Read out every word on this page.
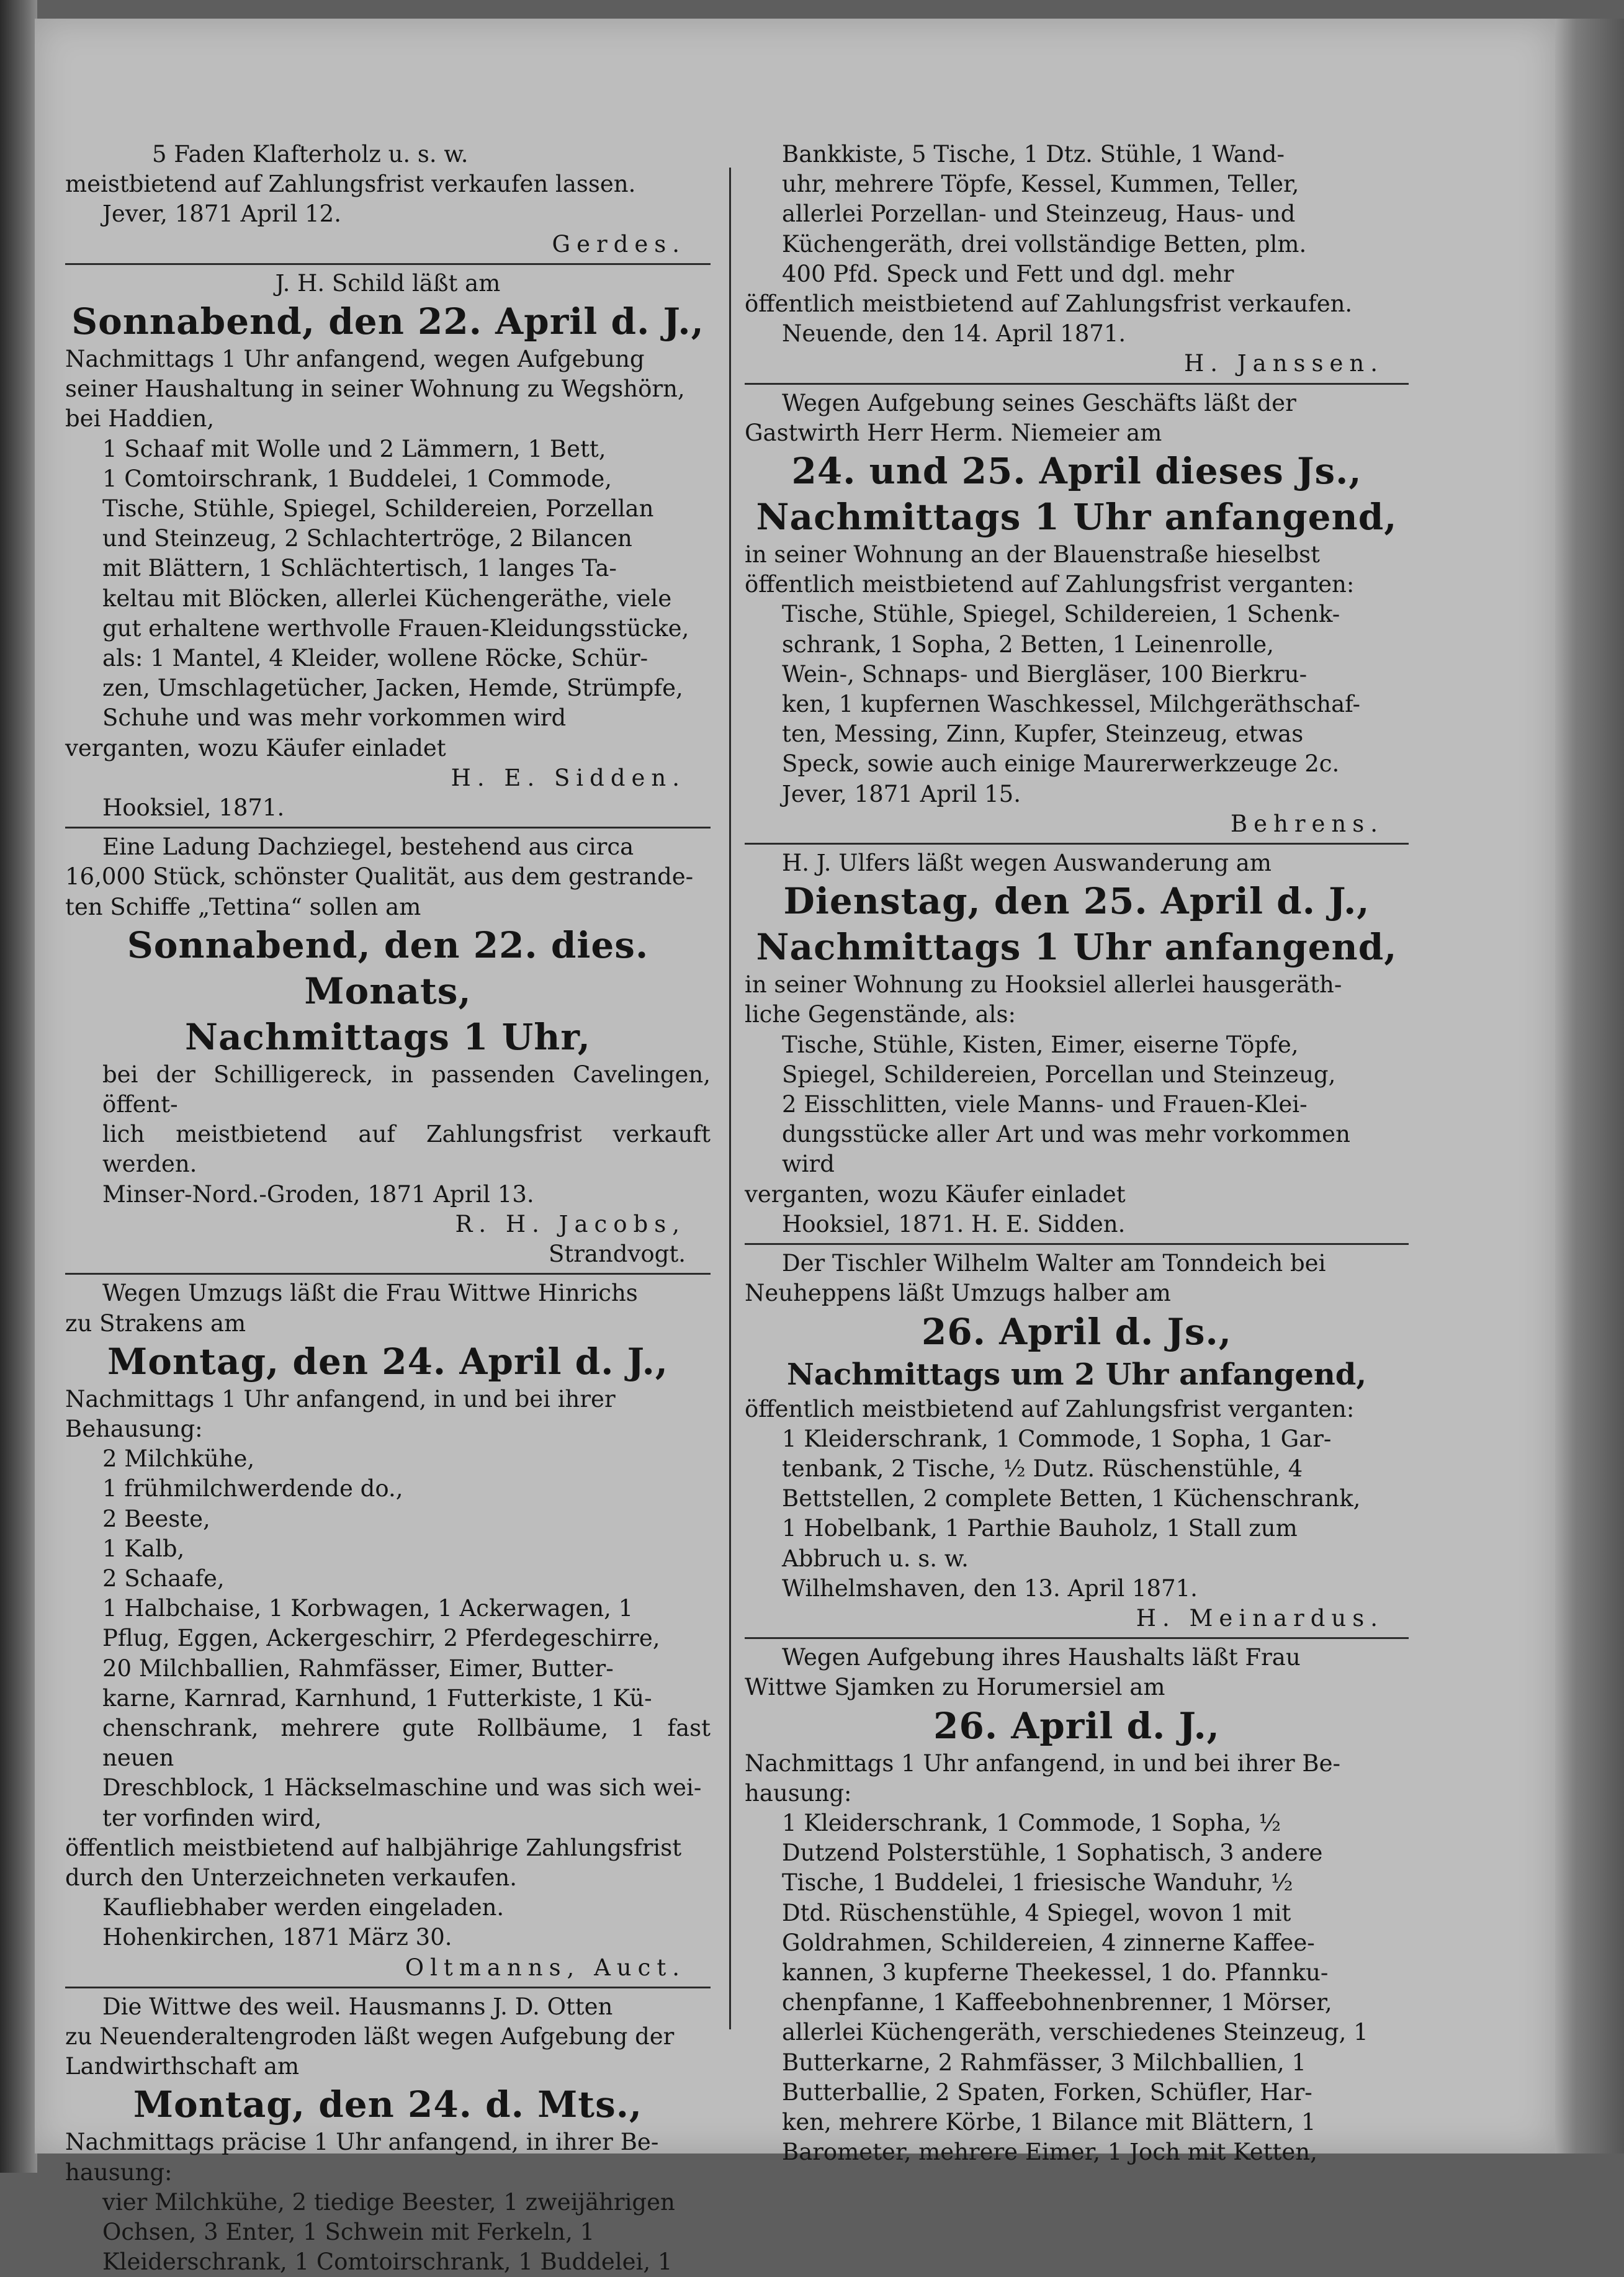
5 Faden Klafterholz u. s. w.

meistbietend auf Zahlungsfrist verkaufen lassen.

Jever, 1871 April 12.

Gerdes.

J. H. Schild läßt am

Sonnabend, den 22. April d. J.,

Nachmittags 1 Uhr anfangend, wegen Aufgebung

seiner Haushaltung in seiner Wohnung zu Wegshörn,

bei Haddien,

1 Schaaf mit Wolle und 2 Lämmern, 1 Bett,

1 Comtoirschrank, 1 Buddelei, 1 Commode,

Tische, Stühle, Spiegel, Schildereien, Porzellan

und Steinzeug, 2 Schlachtertröge, 2 Bilancen

mit Blättern, 1 Schlächtertisch, 1 langes Ta-

keltau mit Blöcken, allerlei Küchengeräthe, viele

gut erhaltene werthvolle Frauen-Kleidungsstücke,

als: 1 Mantel, 4 Kleider, wollene Röcke, Schür-

zen, Umschlagetücher, Jacken, Hemde, Strümpfe,

Schuhe und was mehr vorkommen wird

verganten, wozu Käufer einladet

H. E. Sidden.

Hooksiel, 1871.

Eine Ladung Dachziegel, bestehend aus circa

16,000 Stück, schönster Qualität, aus dem gestrande-

ten Schiffe „Tettina“ sollen am

Sonnabend, den 22. dies. Monats,

Nachmittags 1 Uhr,

bei der Schilligereck, in passenden Cavelingen, öffent-

lich meistbietend auf Zahlungsfrist verkauft werden.

Minser-Nord.-Groden, 1871 April 13.

R. H. Jacobs,

Strandvogt.

Wegen Umzugs läßt die Frau Wittwe Hinrichs

zu Strakens am

Montag, den 24. April d. J.,

Nachmittags 1 Uhr anfangend, in und bei ihrer

Behausung:

2 Milchkühe,

1 frühmilchwerdende do.,

2 Beeste,

1 Kalb,

2 Schaafe,

1 Halbchaise, 1 Korbwagen, 1 Ackerwagen, 1

Pflug, Eggen, Ackergeschirr, 2 Pferdegeschirre,

20 Milchballien, Rahmfässer, Eimer, Butter-

karne, Karnrad, Karnhund, 1 Futterkiste, 1 Kü-

chenschrank, mehrere gute Rollbäume, 1 fast neuen

Dreschblock, 1 Häckselmaschine und was sich wei-

ter vorfinden wird,

öffentlich meistbietend auf halbjährige Zahlungsfrist

durch den Unterzeichneten verkaufen.

Kaufliebhaber werden eingeladen.

Hohenkirchen, 1871 März 30.

Oltmanns, Auct.

Die Wittwe des weil. Hausmanns J. D. Otten

zu Neuenderaltengroden läßt wegen Aufgebung der

Landwirthschaft am

Montag, den 24. d. Mts.,

Nachmittags präcise 1 Uhr anfangend, in ihrer Be-

hausung:

vier Milchkühe, 2 tiedige Beester, 1 zweijährigen

Ochsen, 3 Enter, 1 Schwein mit Ferkeln, 1

Kleiderschrank, 1 Comtoirschrank, 1 Buddelei, 1

Bankkiste, 5 Tische, 1 Dtz. Stühle, 1 Wand-

uhr, mehrere Töpfe, Kessel, Kummen, Teller,

allerlei Porzellan- und Steinzeug, Haus- und

Küchengeräth, drei vollständige Betten, plm.

400 Pfd. Speck und Fett und dgl. mehr

öffentlich meistbietend auf Zahlungsfrist verkaufen.

Neuende, den 14. April 1871.

H. Janssen.

Wegen Aufgebung seines Geschäfts läßt der

Gastwirth Herr Herm. Niemeier am

24. und 25. April dieses Js.,

Nachmittags 1 Uhr anfangend,

in seiner Wohnung an der Blauenstraße hieselbst

öffentlich meistbietend auf Zahlungsfrist verganten:

Tische, Stühle, Spiegel, Schildereien, 1 Schenk-

schrank, 1 Sopha, 2 Betten, 1 Leinenrolle,

Wein-, Schnaps- und Biergläser, 100 Bierkru-

ken, 1 kupfernen Waschkessel, Milchgeräthschaf-

ten, Messing, Zinn, Kupfer, Steinzeug, etwas

Speck, sowie auch einige Maurerwerkzeuge 2c.

Jever, 1871 April 15.

Behrens.

H. J. Ulfers läßt wegen Auswanderung am

Dienstag, den 25. April d. J.,

Nachmittags 1 Uhr anfangend,

in seiner Wohnung zu Hooksiel allerlei hausgeräth-

liche Gegenstände, als:

Tische, Stühle, Kisten, Eimer, eiserne Töpfe,

Spiegel, Schildereien, Porcellan und Steinzeug,

2 Eisschlitten, viele Manns- und Frauen-Klei-

dungsstücke aller Art und was mehr vorkommen

wird

verganten, wozu Käufer einladet

Hooksiel, 1871. H. E. Sidden.

Der Tischler Wilhelm Walter am Tonndeich bei

Neuheppens läßt Umzugs halber am

26. April d. Js.,

Nachmittags um 2 Uhr anfangend,

öffentlich meistbietend auf Zahlungsfrist verganten:

1 Kleiderschrank, 1 Commode, 1 Sopha, 1 Gar-

tenbank, 2 Tische, ½ Dutz. Rüschenstühle, 4

Bettstellen, 2 complete Betten, 1 Küchenschrank,

1 Hobelbank, 1 Parthie Bauholz, 1 Stall zum

Abbruch u. s. w.

Wilhelmshaven, den 13. April 1871.

H. Meinardus.

Wegen Aufgebung ihres Haushalts läßt Frau

Wittwe Sjamken zu Horumersiel am

26. April d. J.,

Nachmittags 1 Uhr anfangend, in und bei ihrer Be-

hausung:

1 Kleiderschrank, 1 Commode, 1 Sopha, ½

Dutzend Polsterstühle, 1 Sophatisch, 3 andere

Tische, 1 Buddelei, 1 friesische Wanduhr, ½

Dtd. Rüschenstühle, 4 Spiegel, wovon 1 mit

Goldrahmen, Schildereien, 4 zinnerne Kaffee-

kannen, 3 kupferne Theekessel, 1 do. Pfannku-

chenpfanne, 1 Kaffeebohnenbrenner, 1 Mörser,

allerlei Küchengeräth, verschiedenes Steinzeug, 1

Butterkarne, 2 Rahmfässer, 3 Milchballien, 1

Butterballie, 2 Spaten, Forken, Schüfler, Har-

ken, mehrere Körbe, 1 Bilance mit Blättern, 1

Barometer, mehrere Eimer, 1 Joch mit Ketten,
